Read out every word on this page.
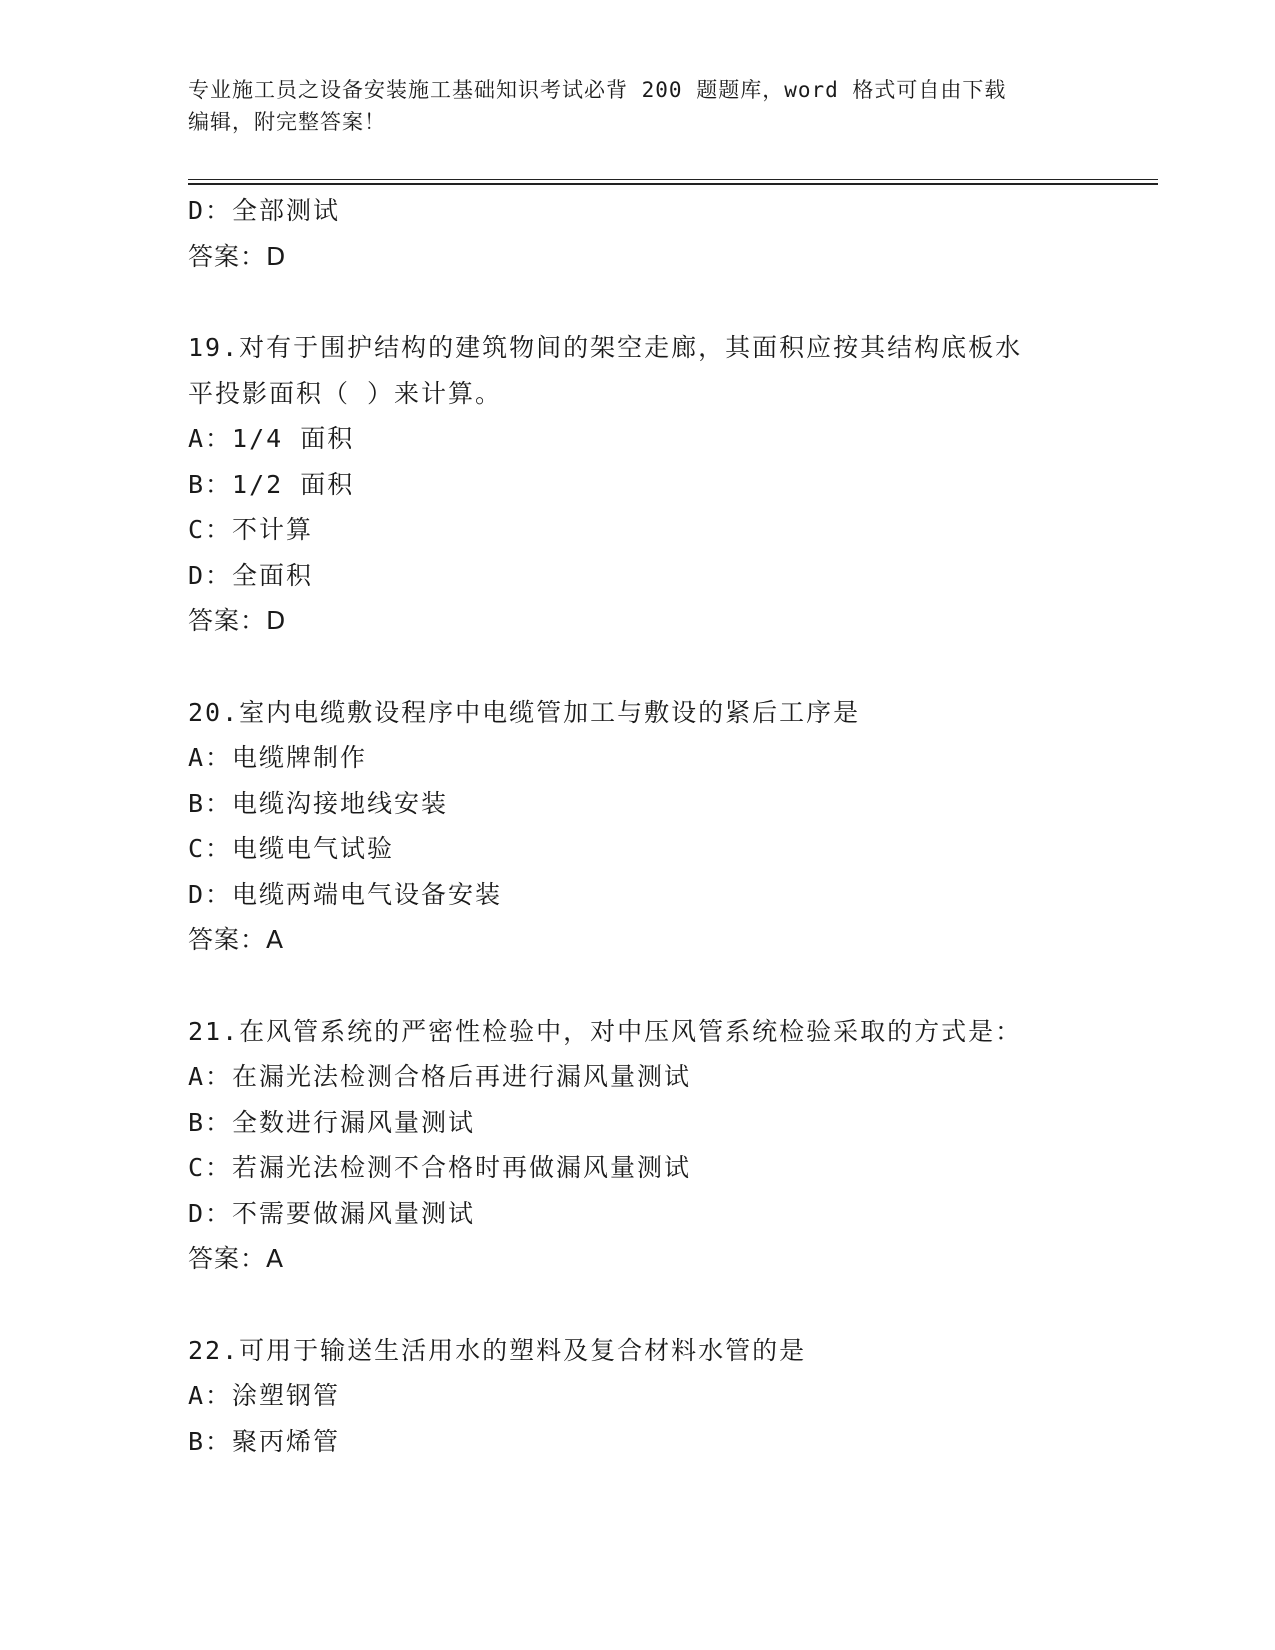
专业施工员之设备安装施工基础知识考试必背 200 题题库，word 格式可自由下载
编辑，附完整答案！
D：全部测试
答案：D
19.对有于围护结构的建筑物间的架空走廊，其面积应按其结构底板水
平投影面积（ ）来计算。
A：1/4 面积
B：1/2 面积
C：不计算
D：全面积
答案：D
20.室内电缆敷设程序中电缆管加工与敷设的紧后工序是
A：电缆牌制作
B：电缆沟接地线安装
C：电缆电气试验
D：电缆两端电气设备安装
答案：A
21.在风管系统的严密性检验中，对中压风管系统检验采取的方式是：
A：在漏光法检测合格后再进行漏风量测试
B：全数进行漏风量测试
C：若漏光法检测不合格时再做漏风量测试
D：不需要做漏风量测试
答案：A
22.可用于输送生活用水的塑料及复合材料水管的是
A：涂塑钢管
B：聚丙烯管
